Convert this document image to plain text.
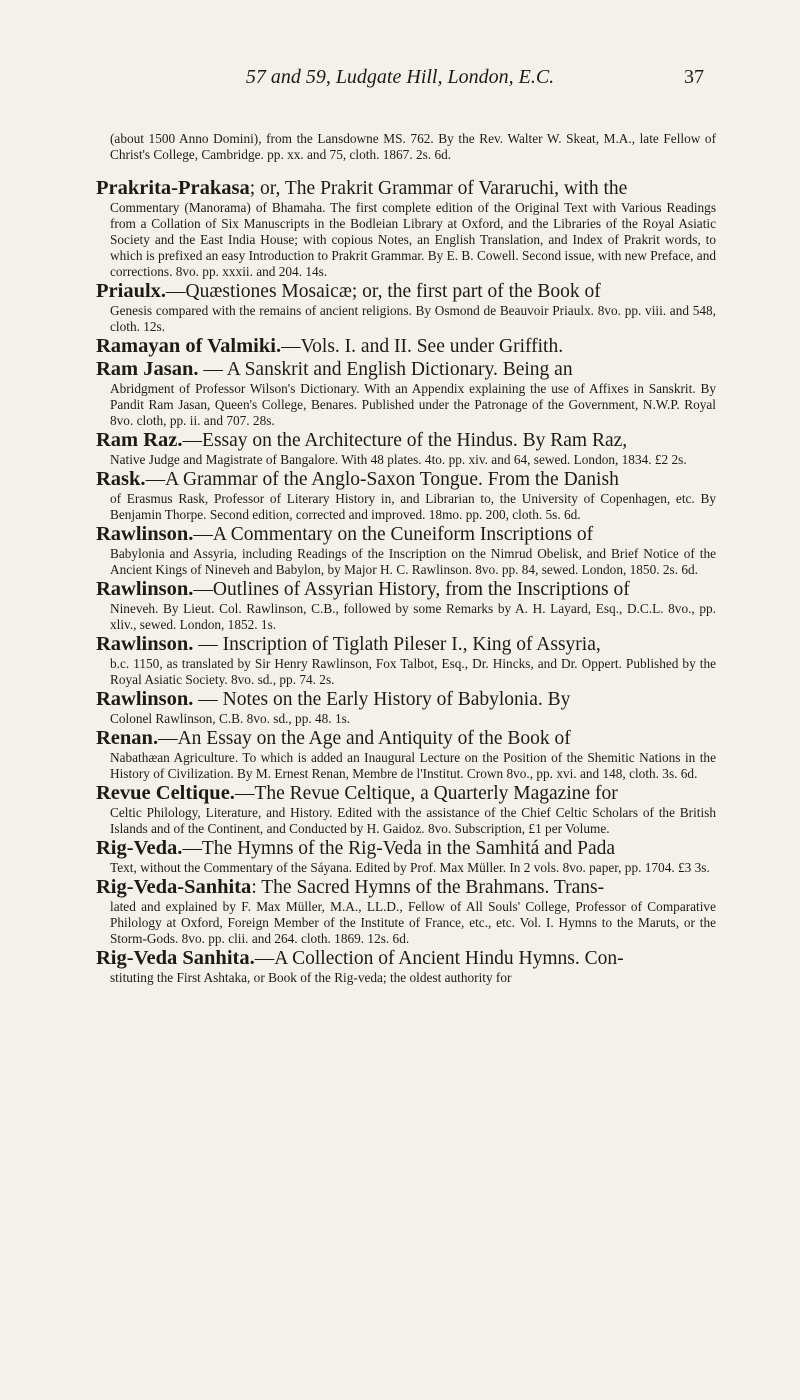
57 and 59, Ludgate Hill, London, E.C.	37

(about 1500 Anno Domini), from the Lansdowne MS. 762. By the Rev. Walter W. Skeat, M.A., late Fellow of Christ's College, Cambridge. pp. xx. and 75, cloth. 1867. 2s. 6d.

Prakrita-Prakasa; or, The Prakrit Grammar of Vararuchi, with the
Commentary (Manorama) of Bhamaha. The first complete edition of the Original Text with Various Readings from a Collation of Six Manuscripts in the Bodleian Library at Oxford, and the Libraries of the Royal Asiatic Society and the East India House; with copious Notes, an English Translation, and Index of Prakrit words, to which is prefixed an easy Introduction to Prakrit Grammar. By E. B. Cowell. Second issue, with new Preface, and corrections. 8vo. pp. xxxii. and 204. 14s.
Priaulx.—Quæstiones Mosaicæ; or, the first part of the Book of
Genesis compared with the remains of ancient religions. By Osmond de Beauvoir Priaulx. 8vo. pp. viii. and 548, cloth. 12s.
Ramayan of Valmiki.—Vols. I. and II. See under Griffith.
Ram Jasan. — A Sanskrit and English Dictionary. Being an
Abridgment of Professor Wilson's Dictionary. With an Appendix explaining the use of Affixes in Sanskrit. By Pandit Ram Jasan, Queen's College, Benares. Published under the Patronage of the Government, N.W.P. Royal 8vo. cloth, pp. ii. and 707. 28s.
Ram Raz.—Essay on the Architecture of the Hindus. By Ram Raz,
Native Judge and Magistrate of Bangalore. With 48 plates. 4to. pp. xiv. and 64, sewed. London, 1834. £2 2s.
Rask.—A Grammar of the Anglo-Saxon Tongue. From the Danish
of Erasmus Rask, Professor of Literary History in, and Librarian to, the University of Copenhagen, etc. By Benjamin Thorpe. Second edition, corrected and improved. 18mo. pp. 200, cloth. 5s. 6d.
Rawlinson.—A Commentary on the Cuneiform Inscriptions of
Babylonia and Assyria, including Readings of the Inscription on the Nimrud Obelisk, and Brief Notice of the Ancient Kings of Nineveh and Babylon, by Major H. C. Rawlinson. 8vo. pp. 84, sewed. London, 1850. 2s. 6d.
Rawlinson.—Outlines of Assyrian History, from the Inscriptions of
Nineveh. By Lieut. Col. Rawlinson, C.B., followed by some Remarks by A. H. Layard, Esq., D.C.L. 8vo., pp. xliv., sewed. London, 1852. 1s.
Rawlinson. — Inscription of Tiglath Pileser I., King of Assyria,
b.c. 1150, as translated by Sir Henry Rawlinson, Fox Talbot, Esq., Dr. Hincks, and Dr. Oppert. Published by the Royal Asiatic Society. 8vo. sd., pp. 74. 2s.
Rawlinson. — Notes on the Early History of Babylonia. By
Colonel Rawlinson, C.B. 8vo. sd., pp. 48. 1s.
Renan.—An Essay on the Age and Antiquity of the Book of
Nabathæan Agriculture. To which is added an Inaugural Lecture on the Position of the Shemitic Nations in the History of Civilization. By M. Ernest Renan, Membre de l'Institut. Crown 8vo., pp. xvi. and 148, cloth. 3s. 6d.
Revue Celtique.—The Revue Celtique, a Quarterly Magazine for
Celtic Philology, Literature, and History. Edited with the assistance of the Chief Celtic Scholars of the British Islands and of the Continent, and Conducted by H. Gaidoz. 8vo. Subscription, £1 per Volume.
Rig-Veda.—The Hymns of the Rig-Veda in the Samhitá and Pada
Text, without the Commentary of the Sáyana. Edited by Prof. Max Müller. In 2 vols. 8vo. paper, pp. 1704. £3 3s.
Rig-Veda-Sanhita: The Sacred Hymns of the Brahmans. Trans-
lated and explained by F. Max Müller, M.A., LL.D., Fellow of All Souls' College, Professor of Comparative Philology at Oxford, Foreign Member of the Institute of France, etc., etc. Vol. I. Hymns to the Maruts, or the Storm-Gods. 8vo. pp. clii. and 264. cloth. 1869. 12s. 6d.
Rig-Veda Sanhita.—A Collection of Ancient Hindu Hymns. Con-
stituting the First Ashtaka, or Book of the Rig-veda; the oldest authority for
